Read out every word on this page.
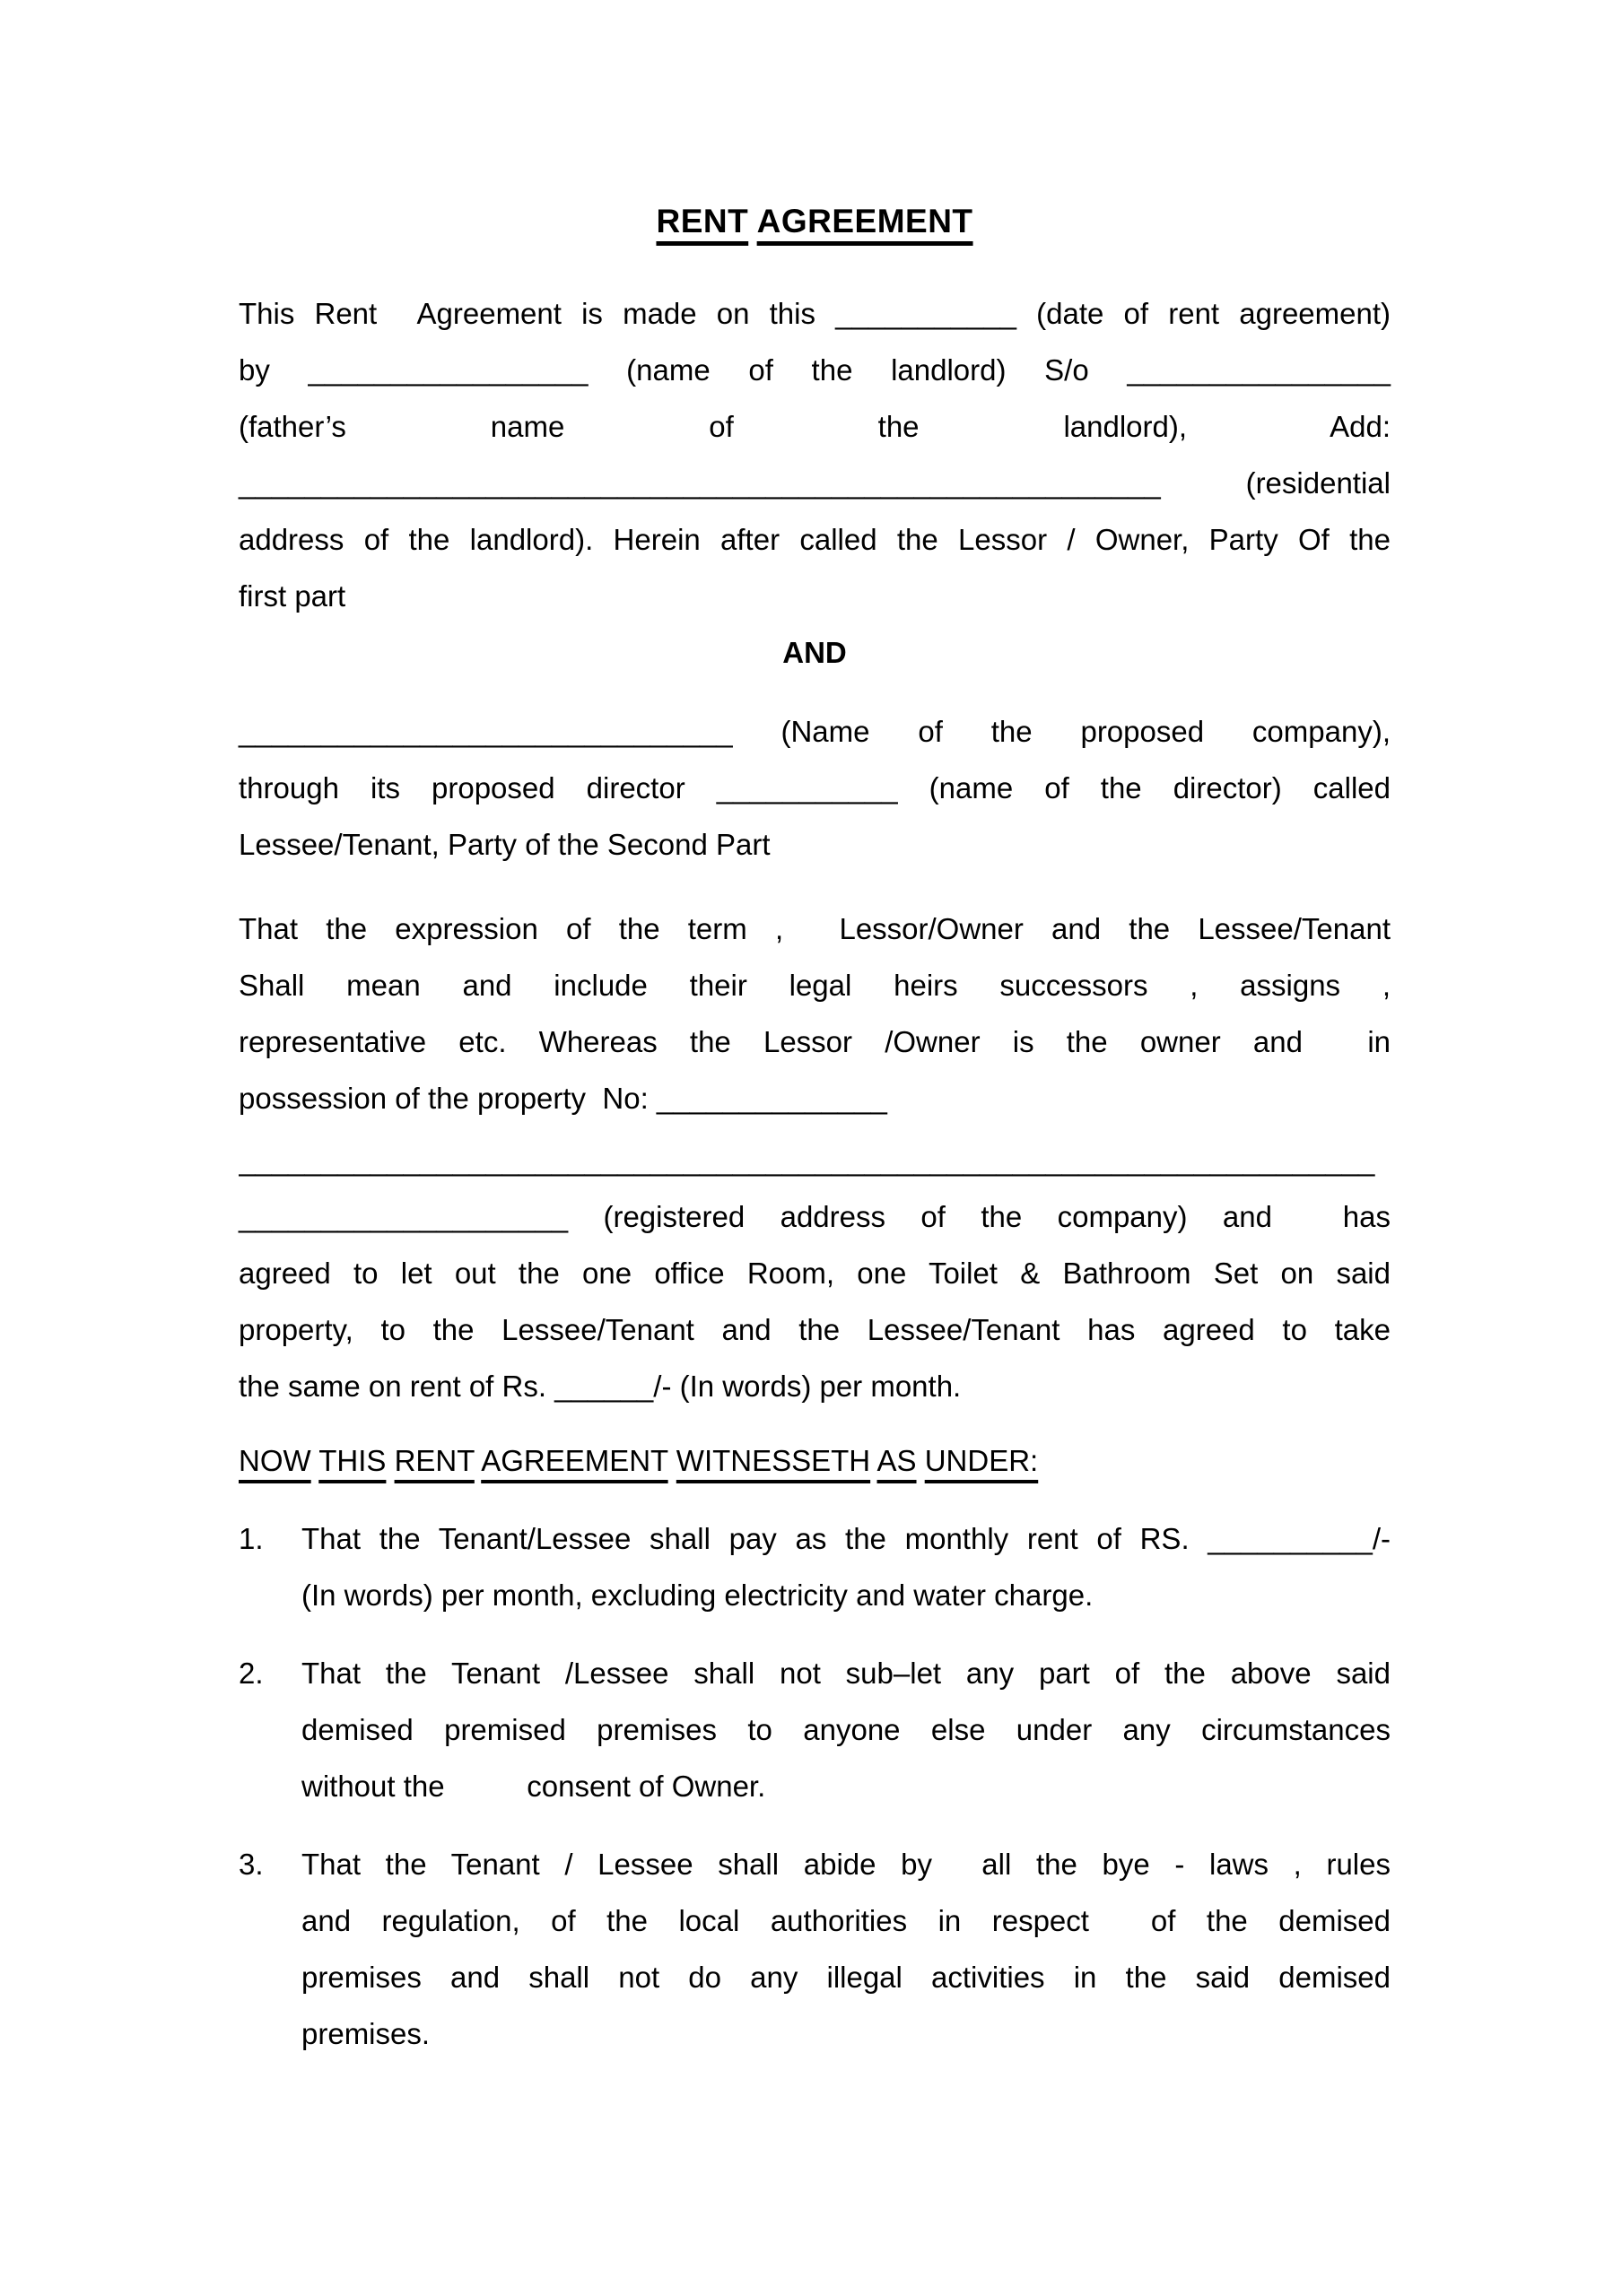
RENT AGREEMENT
This Rent  Agreement is made on this ___________ (date of rent agreement)
by _________________ (name of the landlord) S/o ________________
(father’s name of the landlord), Add:
________________________________________________________ (residential
address of the landlord). Herein after called the Lessor / Owner, Party Of the
first part
AND
______________________________ (Name of the proposed company),
through its proposed director ___________ (name of the director) called
Lessee/Tenant, Party of the Second Part
That the expression of the term ,  Lessor/Owner and the Lessee/Tenant
Shall mean and include their legal heirs successors , assigns ,
representative etc. Whereas the Lessor /Owner is the owner and  in
possession of the property  No: ______________
_____________________________________________________________________
____________________ (registered address of the company) and  has
agreed to let out the one office Room, one Toilet & Bathroom Set on said
property, to the Lessee/Tenant and the Lessee/Tenant has agreed to take
the same on rent of Rs. ______/- (In words) per month.
NOW THIS RENT AGREEMENT WITNESSETH AS UNDER:
1.	That the Tenant/Lessee shall pay as the monthly rent of RS. __________/-
(In words) per month, excluding electricity and water charge.
2.	That the Tenant /Lessee shall not sub–let any part of the above said
demised premised premises to anyone else under any circumstances
without the          consent of Owner.
3.	That the Tenant / Lessee shall abide by  all the bye - laws , rules
and regulation, of the local authorities in respect  of the demised
premises and shall not do any illegal activities in the said demised
premises.
